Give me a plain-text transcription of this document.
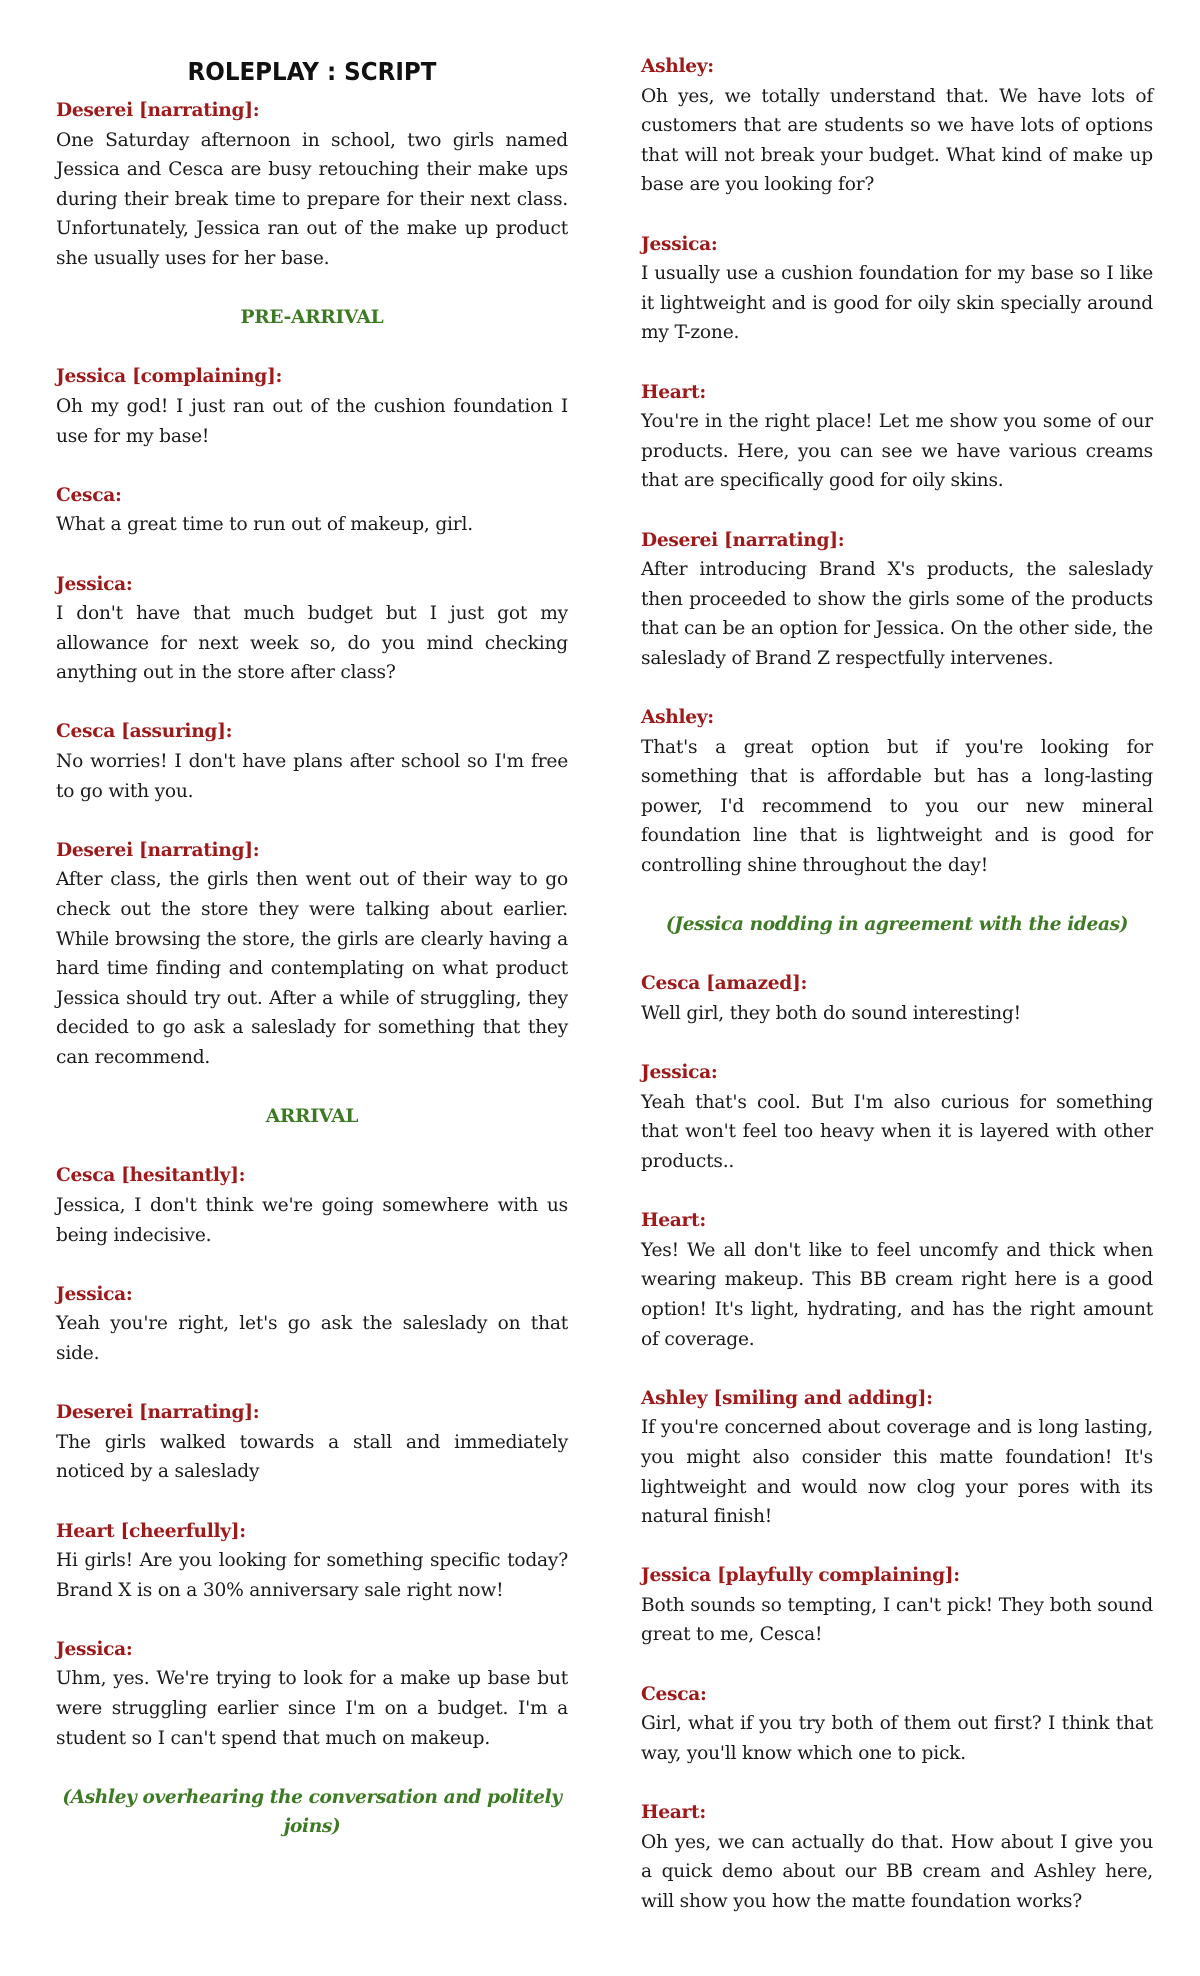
ROLEPLAY : SCRIPT
Deserei [narrating]:
One Saturday afternoon in school, two girls named Jessica and Cesca are busy retouching their make ups during their break time to prepare for their next class. Unfortunately, Jessica ran out of the make up product she usually uses for her base.
PRE-ARRIVAL
Jessica [complaining]:
Oh my god! I just ran out of the cushion foundation I use for my base!
Cesca:
What a great time to run out of makeup, girl.
Jessica:
I don't have that much budget but I just got my allowance for next week so, do you mind checking anything out in the store after class?
Cesca [assuring]:
No worries! I don't have plans after school so I'm free to go with you.
Deserei [narrating]:
After class, the girls then went out of their way to go check out the store they were talking about earlier. While browsing the store, the girls are clearly having a hard time finding and contemplating on what product Jessica should try out. After a while of struggling, they decided to go ask a saleslady for something that they can recommend.
ARRIVAL
Cesca [hesitantly]:
Jessica, I don't think we're going somewhere with us being indecisive.
Jessica:
Yeah you're right, let's go ask the saleslady on that side.
Deserei [narrating]:
The girls walked towards a stall and immediately noticed by a saleslady
Heart [cheerfully]:
Hi girls! Are you looking for something specific today? Brand X is on a 30% anniversary sale right now!
Jessica:
Uhm, yes. We're trying to look for a make up base but were struggling earlier since I'm on a budget. I'm a student so I can't spend that much on makeup.
(Ashley overhearing the conversation and politely joins)
Ashley:
Oh yes, we totally understand that. We have lots of customers that are students so we have lots of options that will not break your budget. What kind of make up base are you looking for?
Jessica:
I usually use a cushion foundation for my base so I like it lightweight and is good for oily skin specially around my T-zone.
Heart:
You're in the right place! Let me show you some of our products. Here, you can see we have various creams that are specifically good for oily skins.
Deserei [narrating]:
After introducing Brand X's products, the saleslady then proceeded to show the girls some of the products that can be an option for Jessica. On the other side, the saleslady of Brand Z respectfully intervenes.
Ashley:
That's a great option but if you're looking for something that is affordable but has a long-lasting power, I'd recommend to you our new mineral foundation line that is lightweight and is good for controlling shine throughout the day!
(Jessica nodding in agreement with the ideas)
Cesca [amazed]:
Well girl, they both do sound interesting!
Jessica:
Yeah that's cool. But I'm also curious for something that won't feel too heavy when it is layered with other products..
Heart:
Yes! We all don't like to feel uncomfy and thick when wearing makeup. This BB cream right here is a good option! It's light, hydrating, and has the right amount of coverage.
Ashley [smiling and adding]:
If you're concerned about coverage and is long lasting, you might also consider this matte foundation! It's lightweight and would now clog your pores with its natural finish!
Jessica [playfully complaining]:
Both sounds so tempting, I can't pick! They both sound great to me, Cesca!
Cesca:
Girl, what if you try both of them out first? I think that way, you'll know which one to pick.
Heart:
Oh yes, we can actually do that. How about I give you a quick demo about our BB cream and Ashley here, will show you how the matte foundation works?
